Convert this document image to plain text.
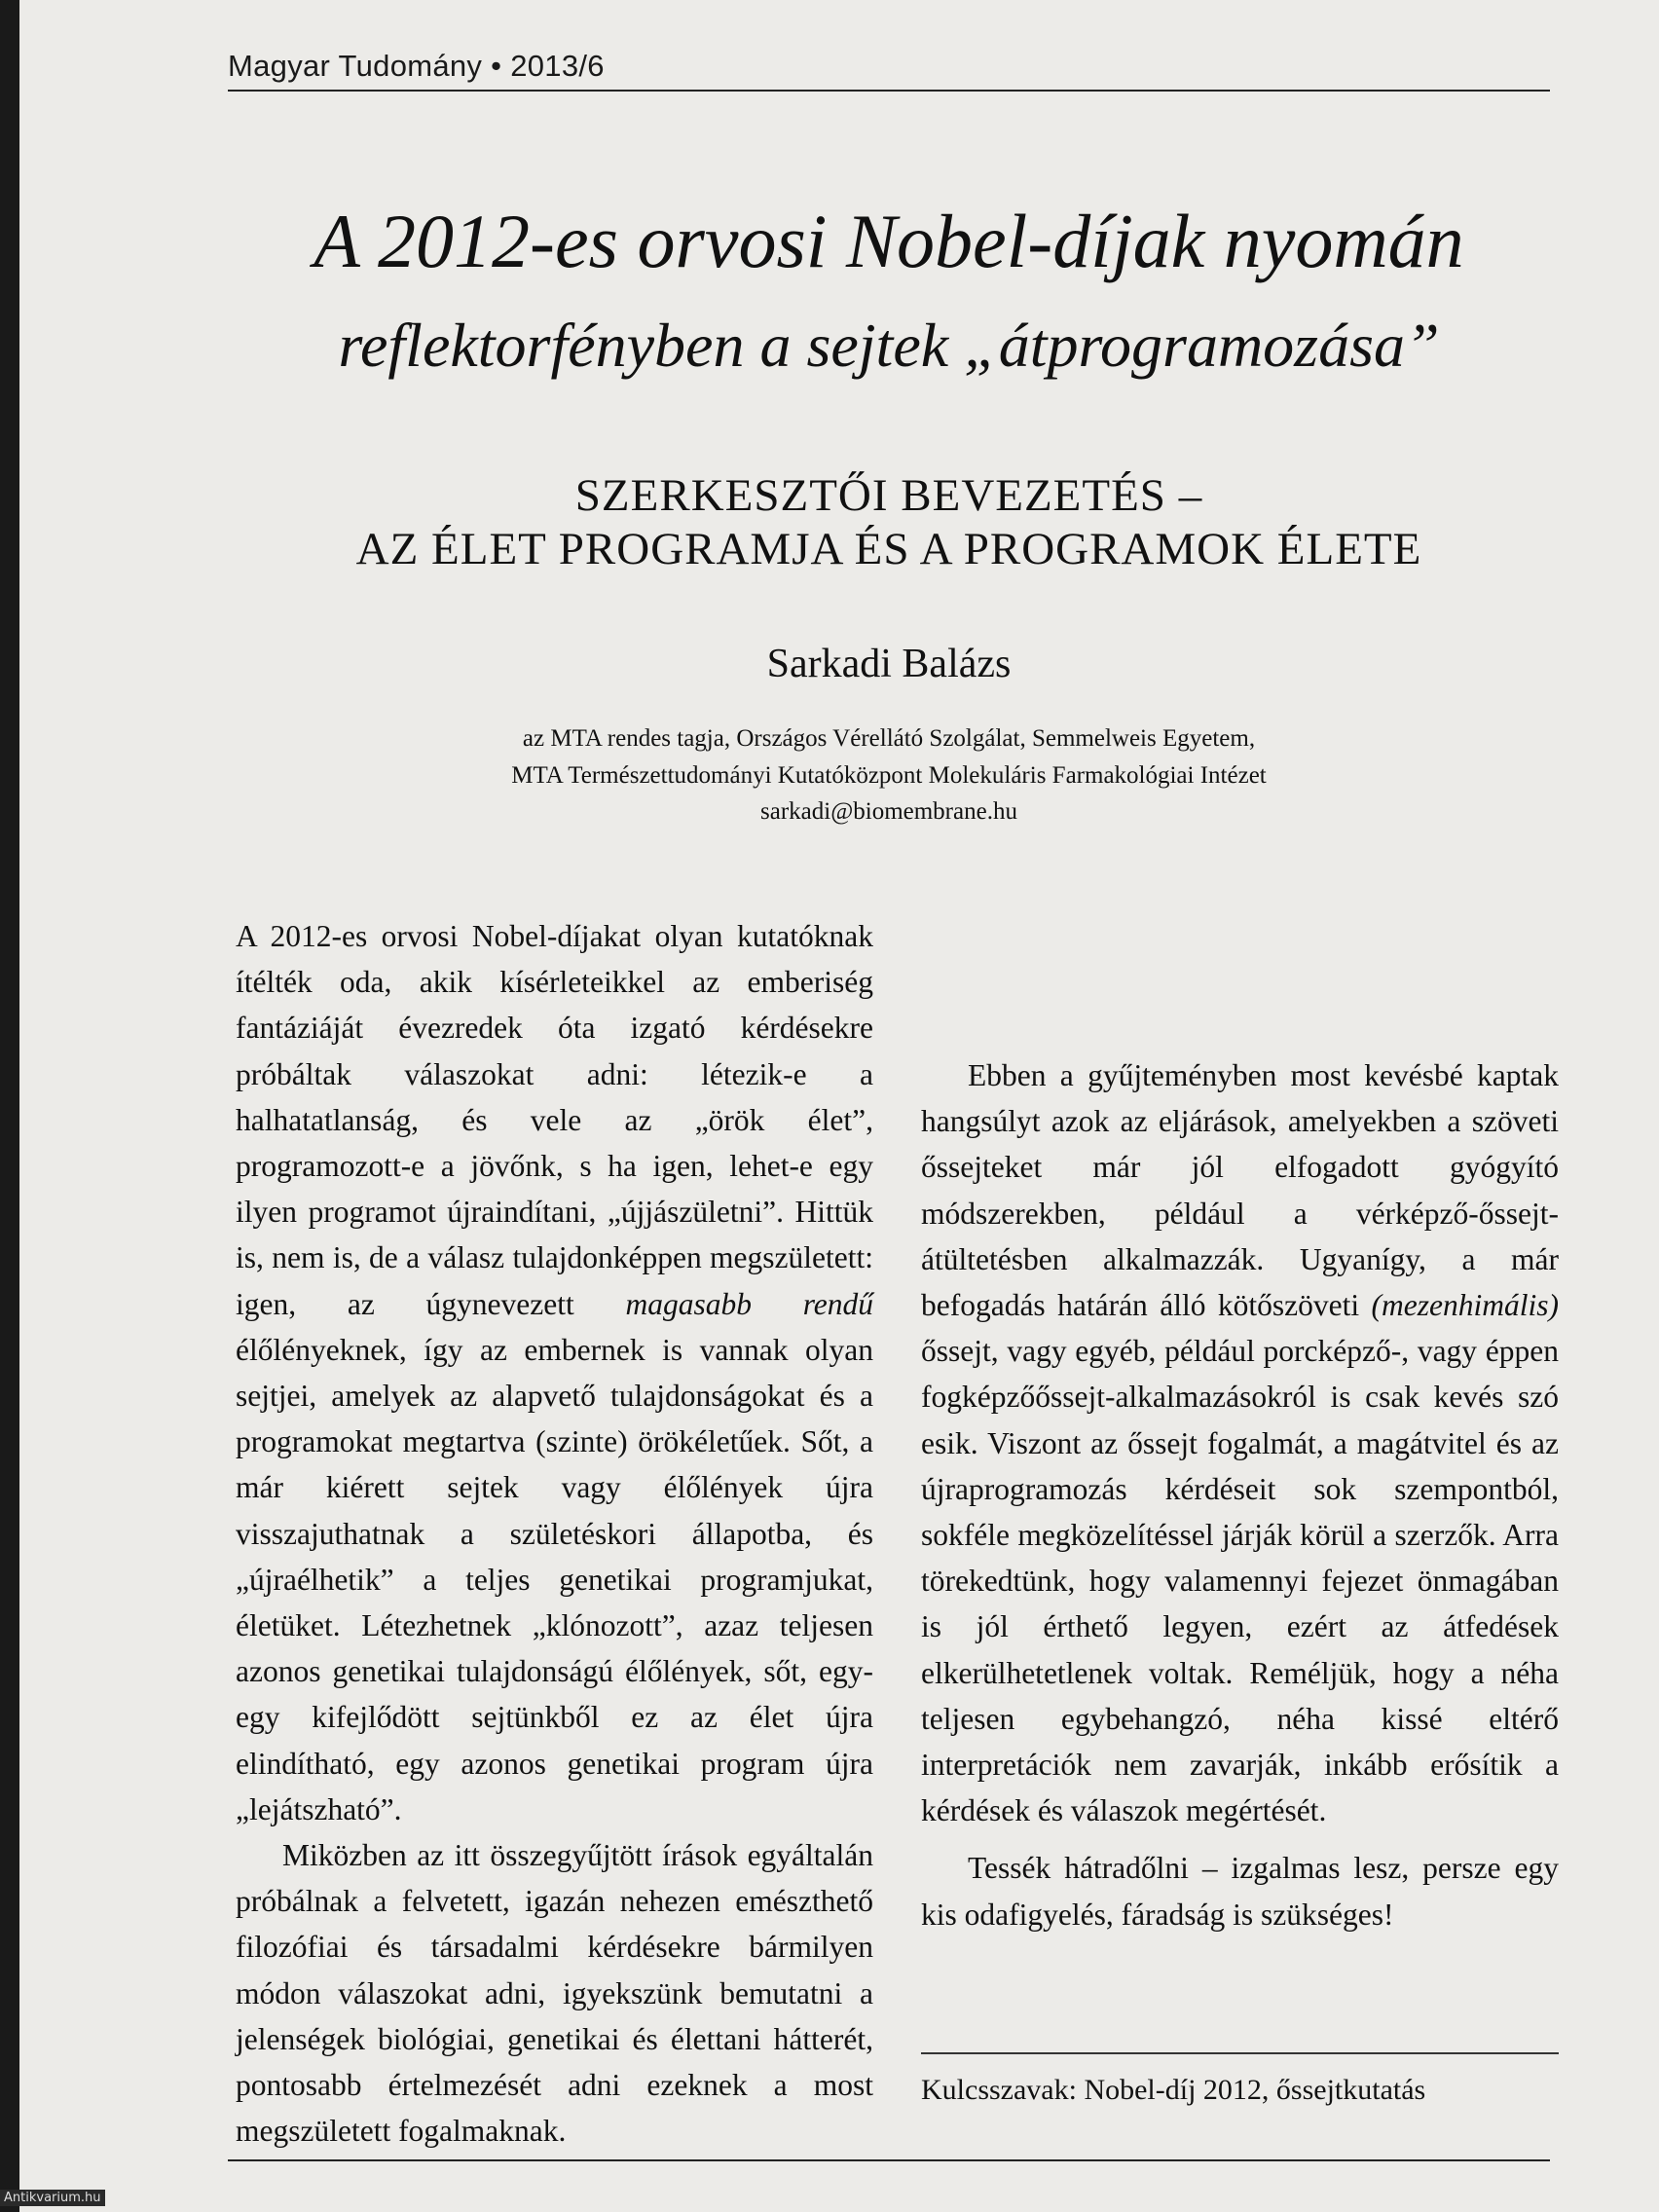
Magyar Tudomány • 2013/6
A 2012-es orvosi Nobel-díjak nyomán
reflektorfényben a sejtek „átprogramozása”
SZERKESZTŐI BEVEZETÉS –
AZ ÉLET PROGRAMJA ÉS A PROGRAMOK ÉLETE
Sarkadi Balázs
az MTA rendes tagja, Országos Vérellátó Szolgálat, Semmelweis Egyetem,
MTA Természettudományi Kutatóközpont Molekuláris Farmakológiai Intézet
sarkadi@biomembrane.hu

A 2012-es orvosi Nobel-díjakat olyan kutatóknak ítélték oda, akik kísérleteikkel az emberiség fantáziáját évezredek óta izgató kérdésekre próbáltak válaszokat adni: létezik-e a halhatatlanság, és vele az „örök élet”, programozott-e a jövőnk, s ha igen, lehet-e egy ilyen programot újraindítani, „újjászületni”. Hittük is, nem is, de a válasz tulajdonképpen megszületett: igen, az úgynevezett magasabb rendű élőlényeknek, így az embernek is vannak olyan sejtjei, amelyek az alapvető tulajdonságokat és a programokat megtartva (szinte) örökéletűek. Sőt, a már kiérett sejtek vagy élőlények újra visszajuthatnak a születéskori állapotba, és „újraélhetik” a teljes genetikai programjukat, életüket. Létezhetnek „klónozott”, azaz teljesen azonos genetikai tulajdonságú élőlények, sőt, egy-egy kifejlődött sejtünkből ez az élet újra elindítható, egy azonos genetikai program újra „lejátszható”.

Miközben az itt összegyűjtött írások egyáltalán próbálnak a felvetett, igazán nehezen emészthető filozófiai és társadalmi kérdésekre bármilyen módon válaszokat adni, igyekszünk bemutatni a jelenségek biológiai, genetikai és élettani hátterét, pontosabb értelmezését adni ezeknek a most megszületett fogalmaknak.

Ebben a gyűjteményben most kevésbé kaptak hangsúlyt azok az eljárások, amelyekben a szöveti őssejteket már jól elfogadott gyógyító módszerekben, például a vérképző-őssejt-átültetésben alkalmazzák. Ugyanígy, a már befogadás határán álló kötőszöveti (mezenhimális) őssejt, vagy egyéb, például porcképző-, vagy éppen fogképzőőssejt-alkalmazásokról is csak kevés szó esik. Viszont az őssejt fogalmát, a magátvitel és az újraprogramozás kérdéseit sok szempontból, sokféle megközelítéssel járják körül a szerzők. Arra törekedtünk, hogy valamennyi fejezet önmagában is jól érthető legyen, ezért az átfedések elkerülhetetlenek voltak. Reméljük, hogy a néha teljesen egybehangzó, néha kissé eltérő interpretációk nem zavarják, inkább erősítik a kérdések és válaszok megértését.

Tessék hátradőlni – izgalmas lesz, persze egy kis odafigyelés, fáradság is szükséges!

Kulcsszavak: Nobel-díj 2012, őssejtkutatás
Antikvarium.hu
